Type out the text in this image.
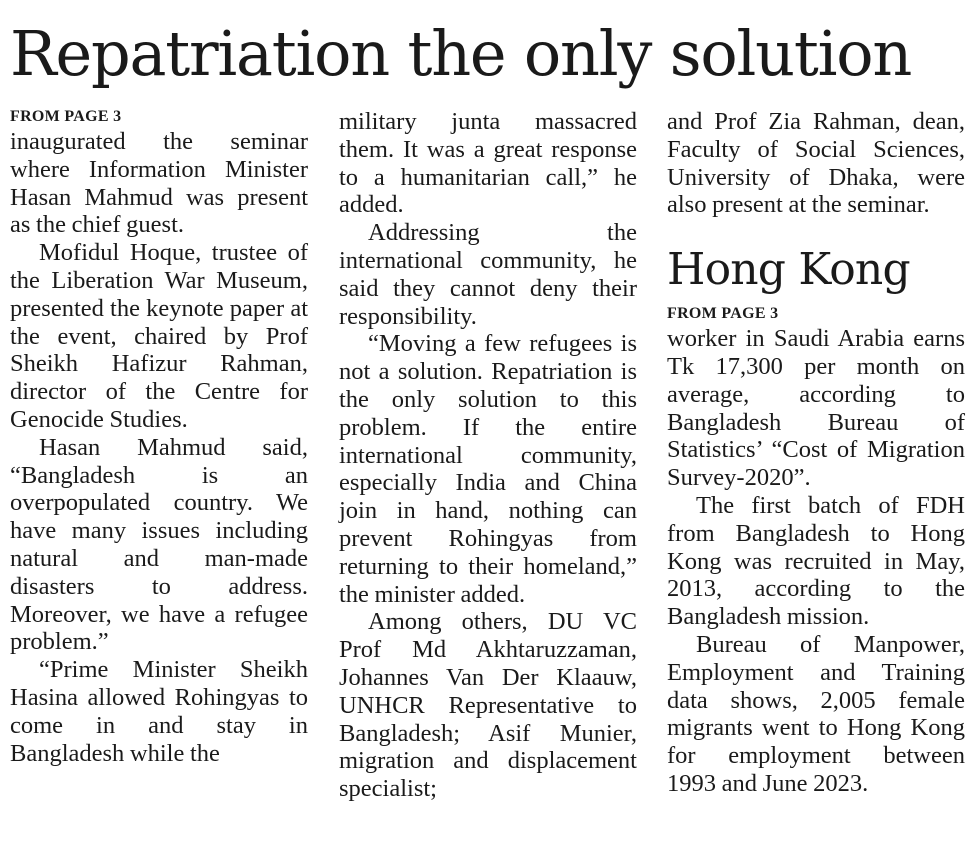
Repatriation the only solution
FROM PAGE 3

inaugurated the seminar where Information Minister Hasan Mahmud was present as the chief guest.

Mofidul Hoque, trustee of the Liberation War Museum, presented the keynote paper at the event, chaired by Prof Sheikh Hafizur Rahman, director of the Centre for Genocide Studies.

Hasan Mahmud said, “Bangladesh is an overpopulated country. We have many issues including natural and man-made disasters to address. Moreover, we have a refugee problem.”

“Prime Minister Sheikh Hasina allowed Rohingyas to come in and stay in Bangladesh while the

military junta massacred them. It was a great response to a humanitarian call,” he added.

Addressing the international community, he said they cannot deny their responsibility.

“Moving a few refugees is not a solution. Repatriation is the only solution to this problem. If the entire international community, especially India and China join in hand, nothing can prevent Rohingyas from returning to their homeland,” the minister added.

Among others, DU VC Prof Md Akhtaruzzaman, Johannes Van Der Klaauw, UNHCR Representative to Bangladesh; Asif Munier, migration and displacement specialist;

and Prof Zia Rahman, dean, Faculty of Social Sciences, University of Dhaka, were also present at the seminar.

Hong Kong
FROM PAGE 3

worker in Saudi Arabia earns Tk 17,300 per month on average, according to Bangladesh Bureau of Statistics’ “Cost of Migration Survey-2020”.

The first batch of FDH from Bangladesh to Hong Kong was recruited in May, 2013, according to the Bangladesh mission.

Bureau of Manpower, Employment and Training data shows, 2,005 female migrants went to Hong Kong for employment between 1993 and June 2023.
